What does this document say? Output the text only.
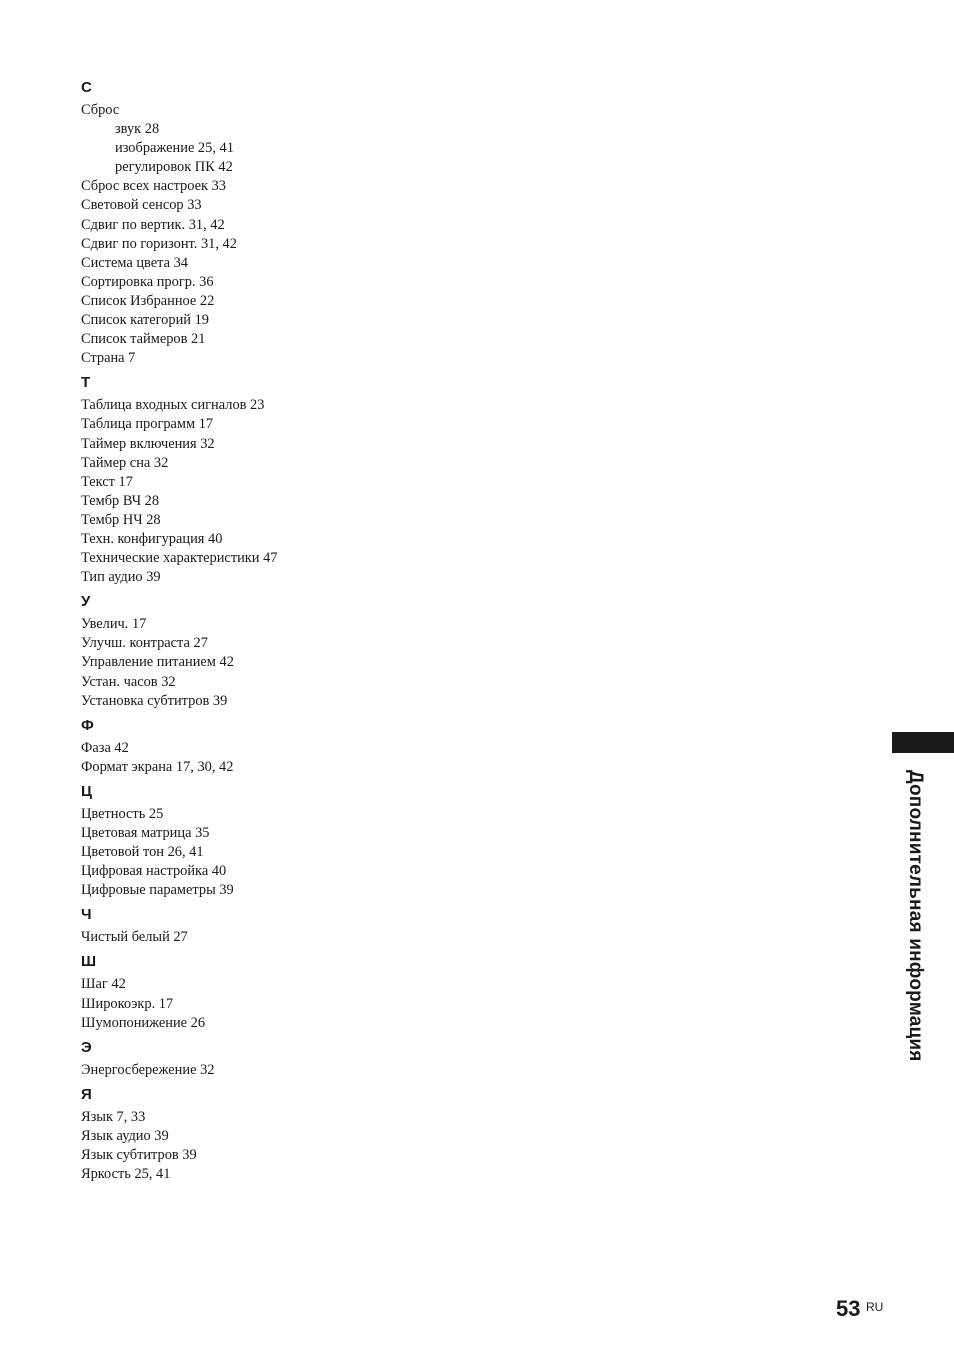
С
Сброс
звук 28
изображение 25, 41
регулировок ПК 42
Сброс всех настроек 33
Световой сенсор 33
Сдвиг по вертик. 31, 42
Сдвиг по горизонт. 31, 42
Система цвета 34
Сортировка прогр. 36
Список Избранное 22
Список категорий 19
Список таймеров 21
Страна 7
Т
Таблица входных сигналов 23
Таблица программ 17
Таймер включения 32
Таймер сна 32
Текст 17
Тембр ВЧ 28
Тембр НЧ 28
Техн. конфигурация 40
Технические характеристики 47
Тип аудио 39
У
Увелич. 17
Улучш. контраста 27
Управление питанием 42
Устан. часов 32
Установка субтитров 39
Ф
Фаза 42
Формат экрана 17, 30, 42
Ц
Цветность 25
Цветовая матрица 35
Цветовой тон 26, 41
Цифровая настройка 40
Цифровые параметры 39
Ч
Чистый белый 27
Ш
Шаг 42
Широкоэкр. 17
Шумопонижение 26
Э
Энергосбережение 32
Я
Язык 7, 33
Язык аудио 39
Язык субтитров 39
Яркость 25, 41
Дополнительная информация
53 RU
